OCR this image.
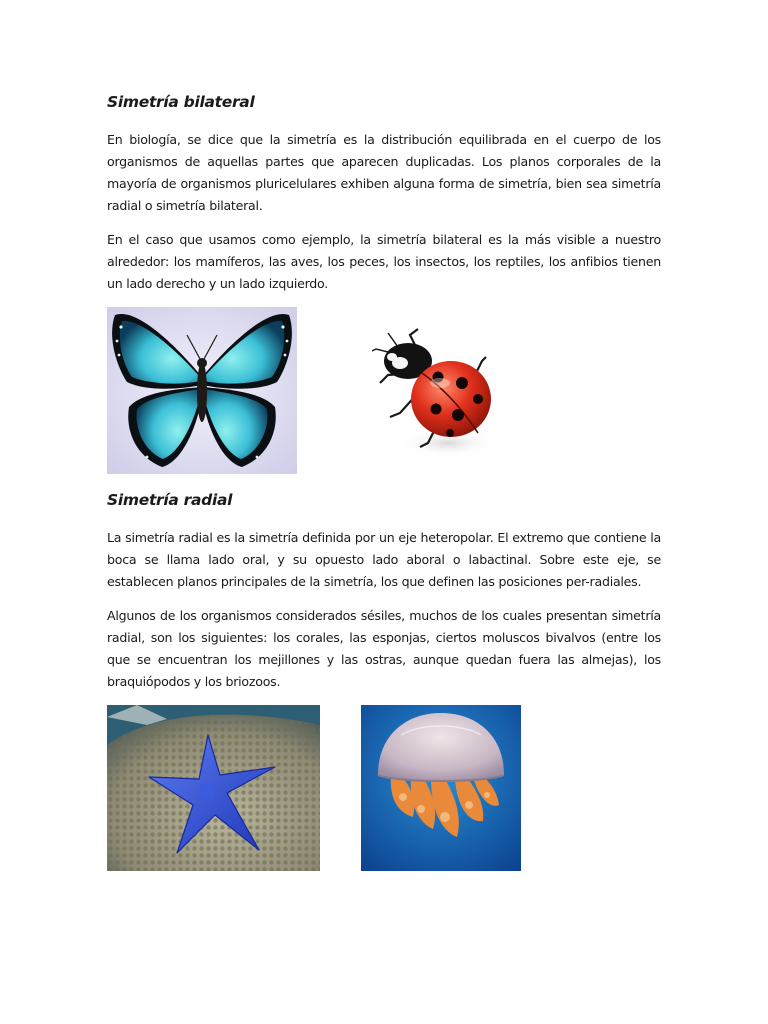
Simetría bilateral

En biología, se dice que la simetría es la distribución equilibrada en el cuerpo de los organismos de aquellas partes que aparecen duplicadas. Los planos corporales de la mayoría de organismos pluricelulares exhiben alguna forma de simetría, bien sea simetría radial o simetría bilateral.

En el caso que usamos como ejemplo, la simetría bilateral es la más visible a nuestro alrededor: los mamíferos, las aves, los peces, los insectos, los reptiles, los anfibios tienen un lado derecho y un lado izquierdo.

Simetría radial

La simetría radial es la simetría definida por un eje heteropolar. El extremo que contiene la boca se llama lado oral, y su opuesto lado aboral o labactinal. Sobre este eje, se establecen planos principales de la simetría, los que definen las posiciones per-radiales.

Algunos de los organismos considerados sésiles, muchos de los cuales presentan simetría radial, son los siguientes: los corales, las esponjas, ciertos moluscos bivalvos (entre los que se encuentran los mejillones y las ostras, aunque quedan fuera las almejas), los braquiópodos y los briozoos.
